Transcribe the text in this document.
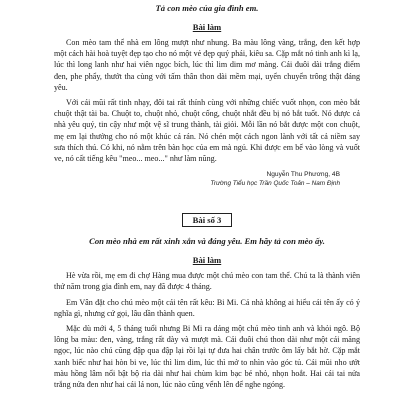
Tả con mèo của gia đình em.
Bài làm

Con mèo tam thể nhà em lông mượt như nhung. Ba màu lông vàng, trắng, đen kết hợp một cách hài hoà tuyệt đẹp tạo cho nó một vẻ đẹp quý phái, kiêu sa. Cặp mắt nó tinh anh kì lạ, lúc thì long lanh như hai viên ngọc bích, lúc thì lim dim mơ màng. Cái đuôi dài trắng điểm đen, phe phẩy, thướt tha cùng với tấm thân thon dài mềm mại, uyển chuyển trông thật đáng yêu.

Với cái mũi rất tinh nhạy, đôi tai rất thính cùng với những chiếc vuốt nhọn, con mèo bắt chuột thật tài ba. Chuột to, chuột nhỏ, chuột cống, chuột nhắt đều bị nó bắt tuốt. Nó được cả nhà yêu quý, tin cậy như một vệ sĩ trung thành, tài giỏi. Mỗi lần nó bắt được một con chuột, mẹ em lại thưởng cho nó một khúc cá rán. Nó chén một cách ngon lành với tất cả niềm say sưa thích thú. Có khi, nó nằm trên bàn học của em mà ngủ. Khi được em bế vào lòng và vuốt ve, nó cất tiếng kêu "meo... meo..." như làm nũng.

Nguyễn Thu Phương, 4B
Trường Tiểu học Trần Quốc Toản – Nam Định
Bài số 3
Con mèo nhà em rất xinh xắn và đáng yêu. Em hãy tả con mèo ấy.
Bài làm

Hè vừa rồi, mẹ em đi chợ Hàng mua được một chú mèo con tam thể. Chú ta là thành viên thứ năm trong gia đình em, nay đã được 4 tháng.

Em Vân đặt cho chú mèo một cái tên rất kêu: Bi Mi. Cả nhà không ai hiểu cái tên ấy có ý nghĩa gì, nhưng cứ gọi, lâu dần thành quen.

Mặc dù mới 4, 5 tháng tuổi nhưng Bi Mi ra dáng một chú mèo tinh anh và khỏi ngô. Bộ lông ba màu: đen, vàng, trắng rất dày và mượt mà. Cái đuôi chú thon dài như một cái măng ngọc, lúc nào chú cũng đập qua đập lại rồi lại tự đưa hai chân trước ôm lấy bắt hờ. Cặp mắt xanh biếc như hai hòn bi ve, lúc thì lim dim, lúc thì mở to nhìn vào góc tủ. Cái mũi nho ướt màu hồng lâm nổi bật bộ ria dài như hai chùm kim bạc bé nhỏ, nhọn hoắt. Hai cái tai nửa trắng nửa đen như hai cái lá non, lúc nào cũng vểnh lên để nghe ngóng.
